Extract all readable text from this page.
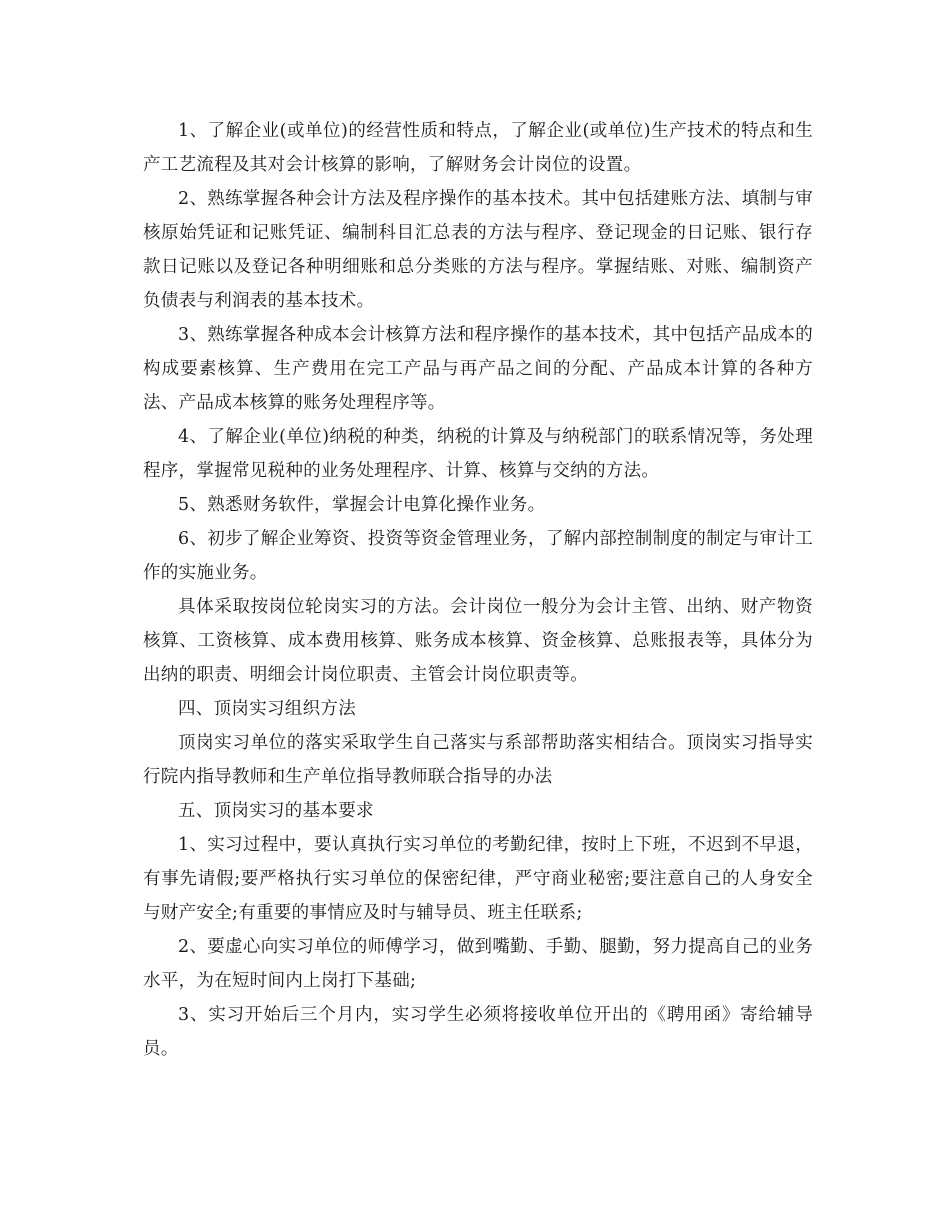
1、了解企业(或单位)的经营性质和特点，了解企业(或单位)生产技术的特点和生产工艺流程及其对会计核算的影响，了解财务会计岗位的设置。

2、熟练掌握各种会计方法及程序操作的基本技术。其中包括建账方法、填制与审核原始凭证和记账凭证、编制科目汇总表的方法与程序、登记现金的日记账、银行存款日记账以及登记各种明细账和总分类账的方法与程序。掌握结账、对账、编制资产负债表与利润表的基本技术。

3、熟练掌握各种成本会计核算方法和程序操作的基本技术，其中包括产品成本的构成要素核算、生产费用在完工产品与再产品之间的分配、产品成本计算的各种方法、产品成本核算的账务处理程序等。

4、了解企业(单位)纳税的种类，纳税的计算及与纳税部门的联系情况等，务处理程序，掌握常见税种的业务处理程序、计算、核算与交纳的方法。

5、熟悉财务软件，掌握会计电算化操作业务。

6、初步了解企业筹资、投资等资金管理业务，了解内部控制制度的制定与审计工作的实施业务。

具体采取按岗位轮岗实习的方法。会计岗位一般分为会计主管、出纳、财产物资核算、工资核算、成本费用核算、账务成本核算、资金核算、总账报表等，具体分为出纳的职责、明细会计岗位职责、主管会计岗位职责等。

四、顶岗实习组织方法

顶岗实习单位的落实采取学生自己落实与系部帮助落实相结合。顶岗实习指导实行院内指导教师和生产单位指导教师联合指导的办法

五、顶岗实习的基本要求

1、实习过程中，要认真执行实习单位的考勤纪律，按时上下班，不迟到不早退，有事先请假;要严格执行实习单位的保密纪律，严守商业秘密;要注意自己的人身安全与财产安全;有重要的事情应及时与辅导员、班主任联系;

2、要虚心向实习单位的师傅学习，做到嘴勤、手勤、腿勤，努力提高自己的业务水平，为在短时间内上岗打下基础;

3、实习开始后三个月内，实习学生必须将接收单位开出的《聘用函》寄给辅导员。
